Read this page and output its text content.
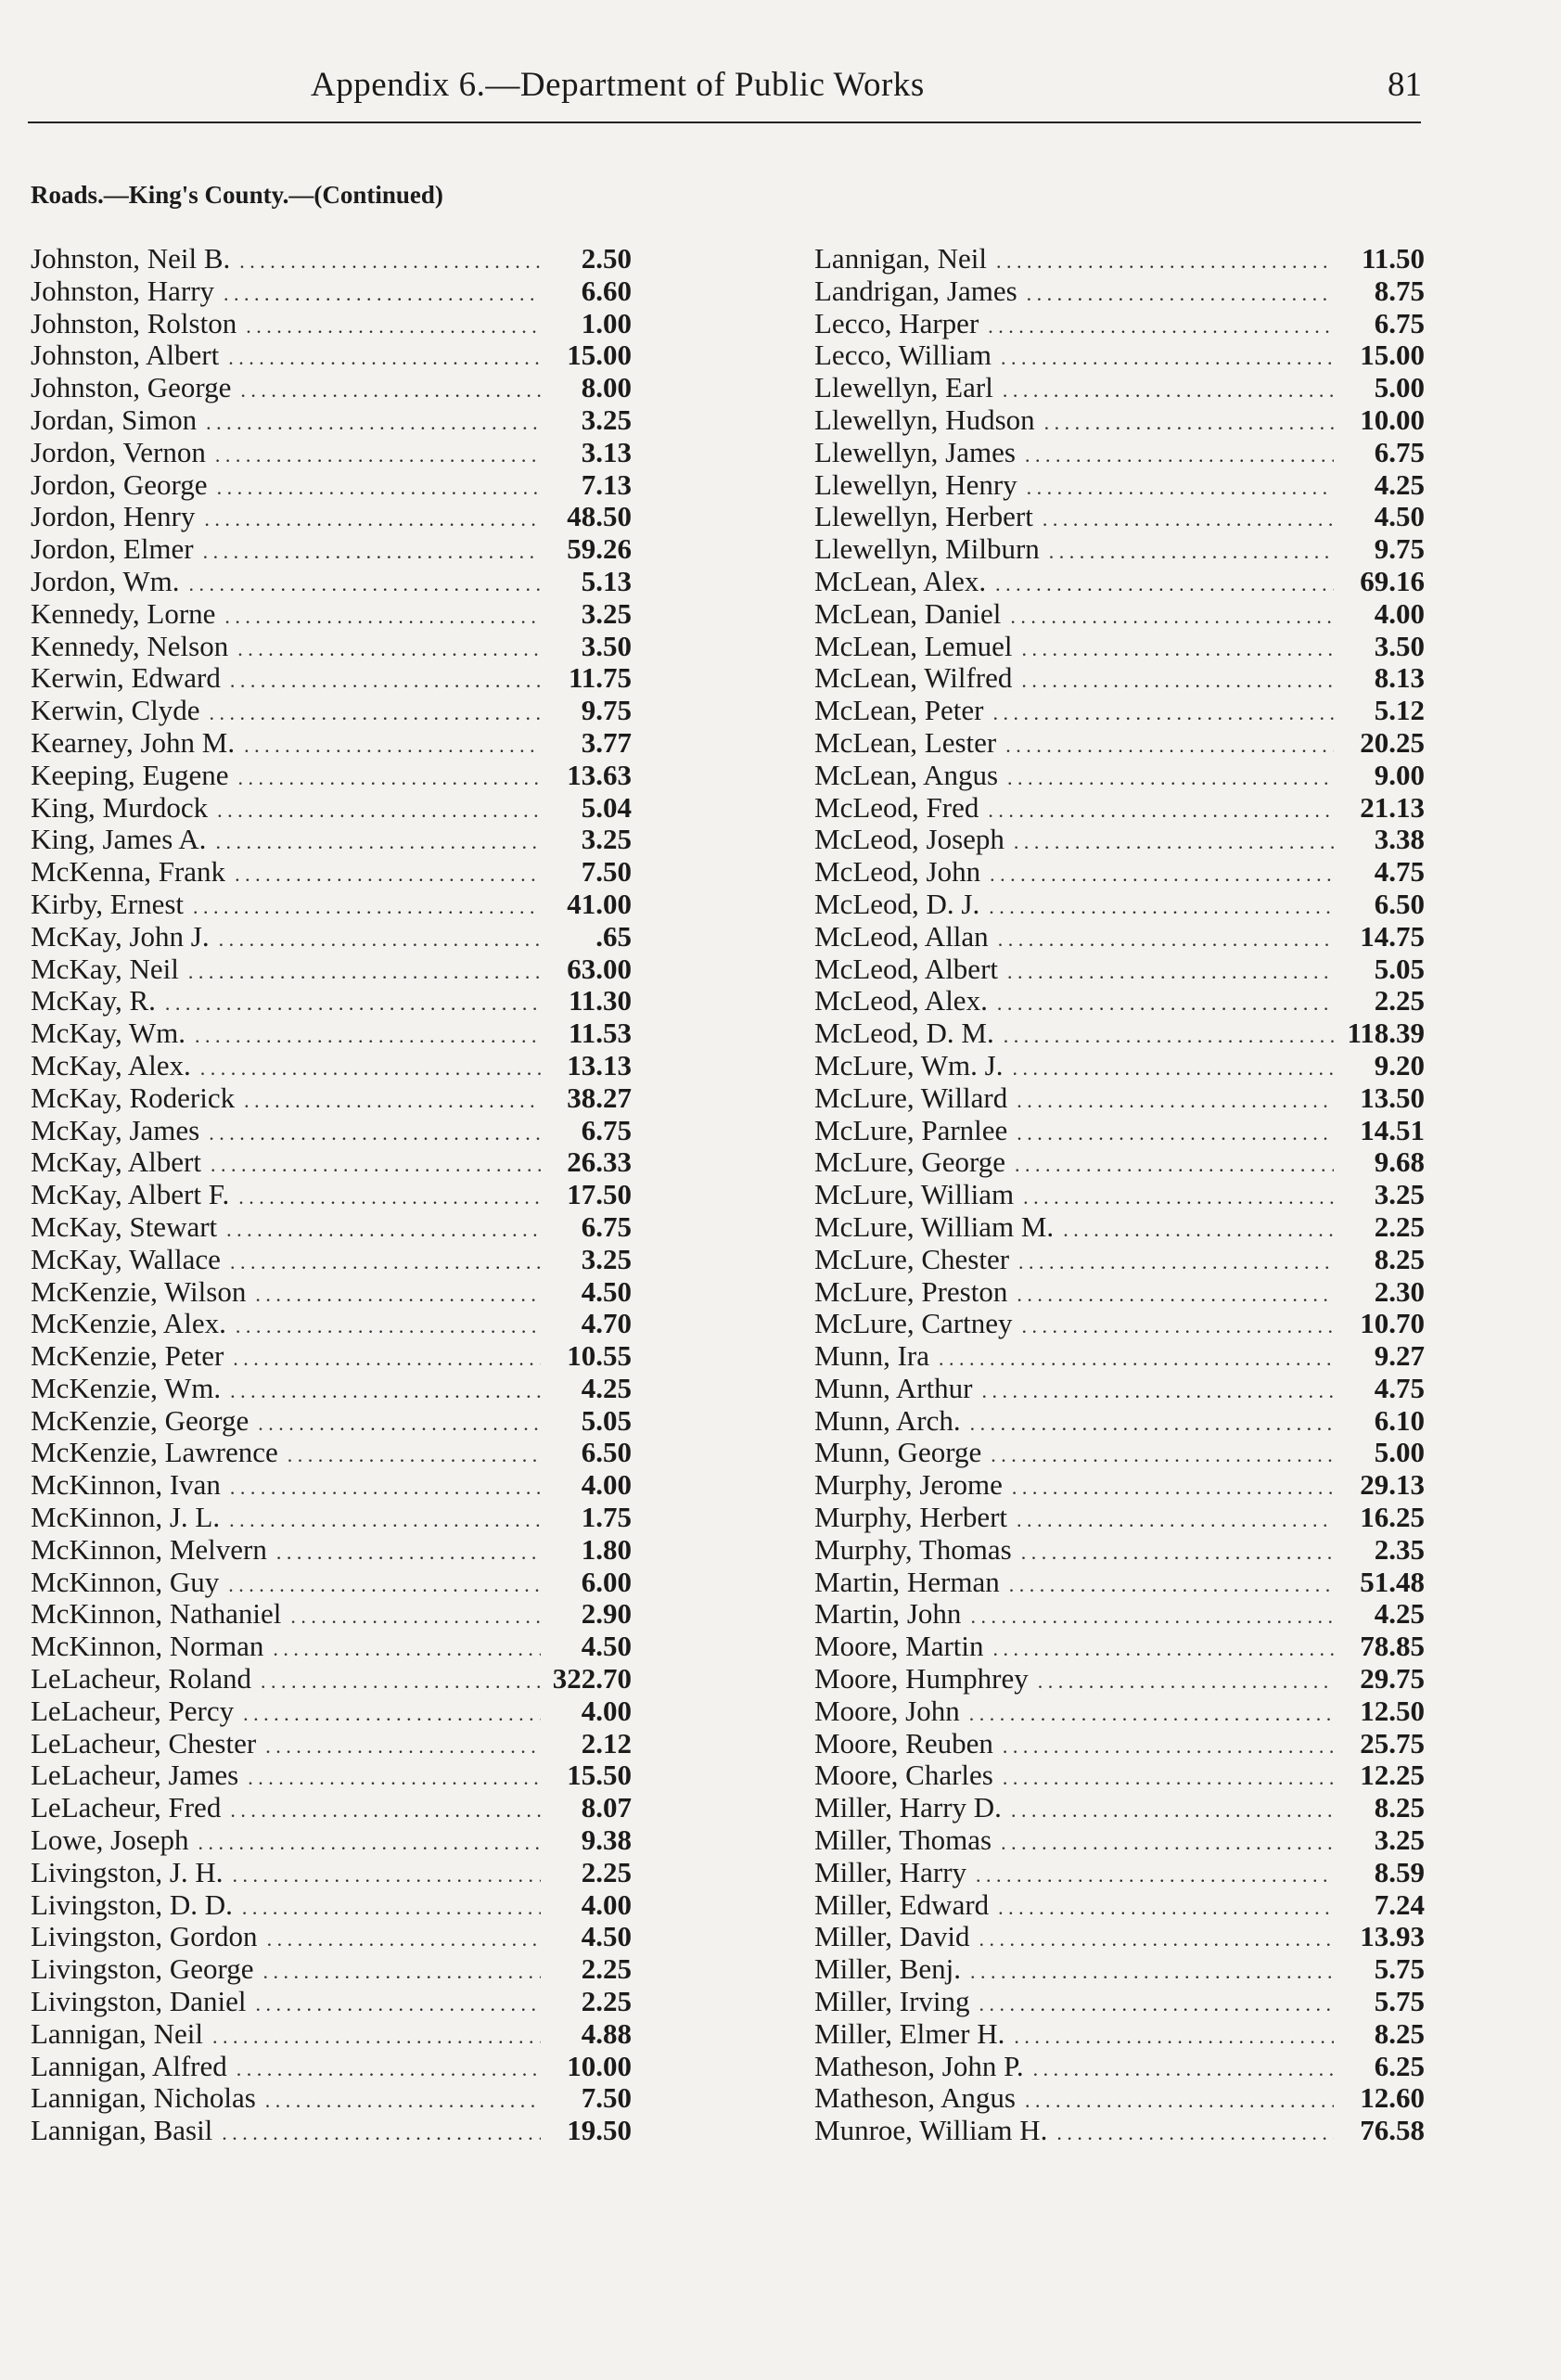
Appendix 6.—Department of Public Works	81
Roads.—King's County.—(Continued)
Johnston, Neil B. . . .	2.50
Johnston, Harry . . .	6.60
Johnston, Rolston . . .	1.00
Johnston, Albert . . .	15.00
Johnston, George . . .	8.00
Jordan, Simon . . .	3.25
Jordon, Vernon . . .	3.13
Jordon, George . . .	7.13
Jordon, Henry . . .	48.50
Jordon, Elmer . . .	59.26
Jordon, Wm. . . .	5.13
Kennedy, Lorne . . .	3.25
Kennedy, Nelson . . .	3.50
Kerwin, Edward . . .	11.75
Kerwin, Clyde . . .	9.75
Kearney, John M. . . .	3.77
Keeping, Eugene . . .	13.63
King, Murdock . . .	5.04
King, James A. . . .	3.25
McKenna, Frank . . .	7.50
Kirby, Ernest . . .	41.00
McKay, John J. . . .	.65
McKay, Neil . . .	63.00
McKay, R. . . .	11.30
McKay, Wm. . . .	11.53
McKay, Alex. . . .	13.13
McKay, Roderick . . .	38.27
McKay, James . . .	6.75
McKay, Albert . . .	26.33
McKay, Albert F. . . .	17.50
McKay, Stewart . . .	6.75
McKay, Wallace . . .	3.25
McKenzie, Wilson . . .	4.50
McKenzie, Alex. . . .	4.70
McKenzie, Peter . . .	10.55
McKenzie, Wm. . . .	4.25
McKenzie, George . . .	5.05
McKenzie, Lawrence . . .	6.50
McKinnon, Ivan . . .	4.00
McKinnon, J. L. . . .	1.75
McKinnon, Melvern . . .	1.80
McKinnon, Guy . . .	6.00
McKinnon, Nathaniel . . .	2.90
McKinnon, Norman . . .	4.50
LeLacheur, Roland . . .	322.70
LeLacheur, Percy . . .	4.00
LeLacheur, Chester . . .	2.12
LeLacheur, James . . .	15.50
LeLacheur, Fred . . .	8.07
Lowe, Joseph . . .	9.38
Livingston, J. H. . . .	2.25
Livingston, D. D. . . .	4.00
Livingston, Gordon . . .	4.50
Livingston, George . . .	2.25
Livingston, Daniel . . .	2.25
Lannigan, Neil . . .	4.88
Lannigan, Alfred . . .	10.00
Lannigan, Nicholas . . .	7.50
Lannigan, Basil . . .	19.50
Lannigan, Neil . . .	11.50
Landrigan, James . . .	8.75
Lecco, Harper . . .	6.75
Lecco, William . . .	15.00
Llewellyn, Earl . . .	5.00
Llewellyn, Hudson . . .	10.00
Llewellyn, James . . .	6.75
Llewellyn, Henry . . .	4.25
Llewellyn, Herbert . . .	4.50
Llewellyn, Milburn . . .	9.75
McLean, Alex. . . .	69.16
McLean, Daniel . . .	4.00
McLean, Lemuel . . .	3.50
McLean, Wilfred . . .	8.13
McLean, Peter . . .	5.12
McLean, Lester . . .	20.25
McLean, Angus . . .	9.00
McLeod, Fred . . .	21.13
McLeod, Joseph . . .	3.38
McLeod, John . . .	4.75
McLeod, D. J. . . .	6.50
McLeod, Allan . . .	14.75
McLeod, Albert . . .	5.05
McLeod, Alex. . . .	2.25
McLeod, D. M. . . .	118.39
McLure, Wm. J. . . .	9.20
McLure, Willard . . .	13.50
McLure, Parnlee . . .	14.51
McLure, George . . .	9.68
McLure, William . . .	3.25
McLure, William M. . . .	2.25
McLure, Chester . . .	8.25
McLure, Preston . . .	2.30
McLure, Cartney . . .	10.70
Munn, Ira . . .	9.27
Munn, Arthur . . .	4.75
Munn, Arch. . . .	6.10
Munn, George . . .	5.00
Murphy, Jerome . . .	29.13
Murphy, Herbert . . .	16.25
Murphy, Thomas . . .	2.35
Martin, Herman . . .	51.48
Martin, John . . .	4.25
Moore, Martin . . .	78.85
Moore, Humphrey . . .	29.75
Moore, John . . .	12.50
Moore, Reuben . . .	25.75
Moore, Charles . . .	12.25
Miller, Harry D. . . .	8.25
Miller, Thomas . . .	3.25
Miller, Harry . . .	8.59
Miller, Edward . . .	7.24
Miller, David . . .	13.93
Miller, Benj. . . .	5.75
Miller, Irving . . .	5.75
Miller, Elmer H. . . .	8.25
Matheson, John P. . . .	6.25
Matheson, Angus . . .	12.60
Munroe, William H. . . .	76.58
